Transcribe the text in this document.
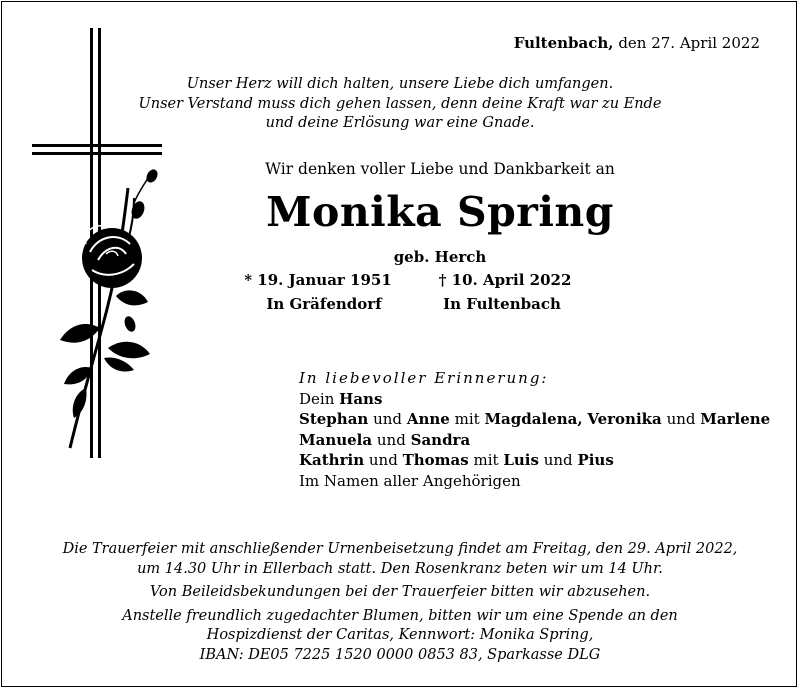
Fultenbach, den 27. April 2022
Unser Herz will dich halten, unsere Liebe dich umfangen.
Unser Verstand muss dich gehen lassen, denn deine Kraft war zu Ende
und deine Erlösung war eine Gnade.
Wir denken voller Liebe und Dankbarkeit an
Monika Spring
geb. Herch
* 19. Januar 1951	† 10. April 2022
In Gräfendorf	In Fultenbach
In liebevoller Erinnerung:
Dein Hans
Stephan und Anne mit Magdalena, Veronika und Marlene
Manuela und Sandra
Kathrin und Thomas mit Luis und Pius
Im Namen aller Angehörigen

Die Trauerfeier mit anschließender Urnenbeisetzung findet am Freitag, den 29. April 2022,
um 14.30 Uhr in Ellerbach statt. Den Rosenkranz beten wir um 14 Uhr.

Von Beileidsbekundungen bei der Trauerfeier bitten wir abzusehen.

Anstelle freundlich zugedachter Blumen, bitten wir um eine Spende an den
Hospizdienst der Caritas, Kennwort: Monika Spring,
IBAN: DE05 7225 1520 0000 0853 83, Sparkasse DLG
